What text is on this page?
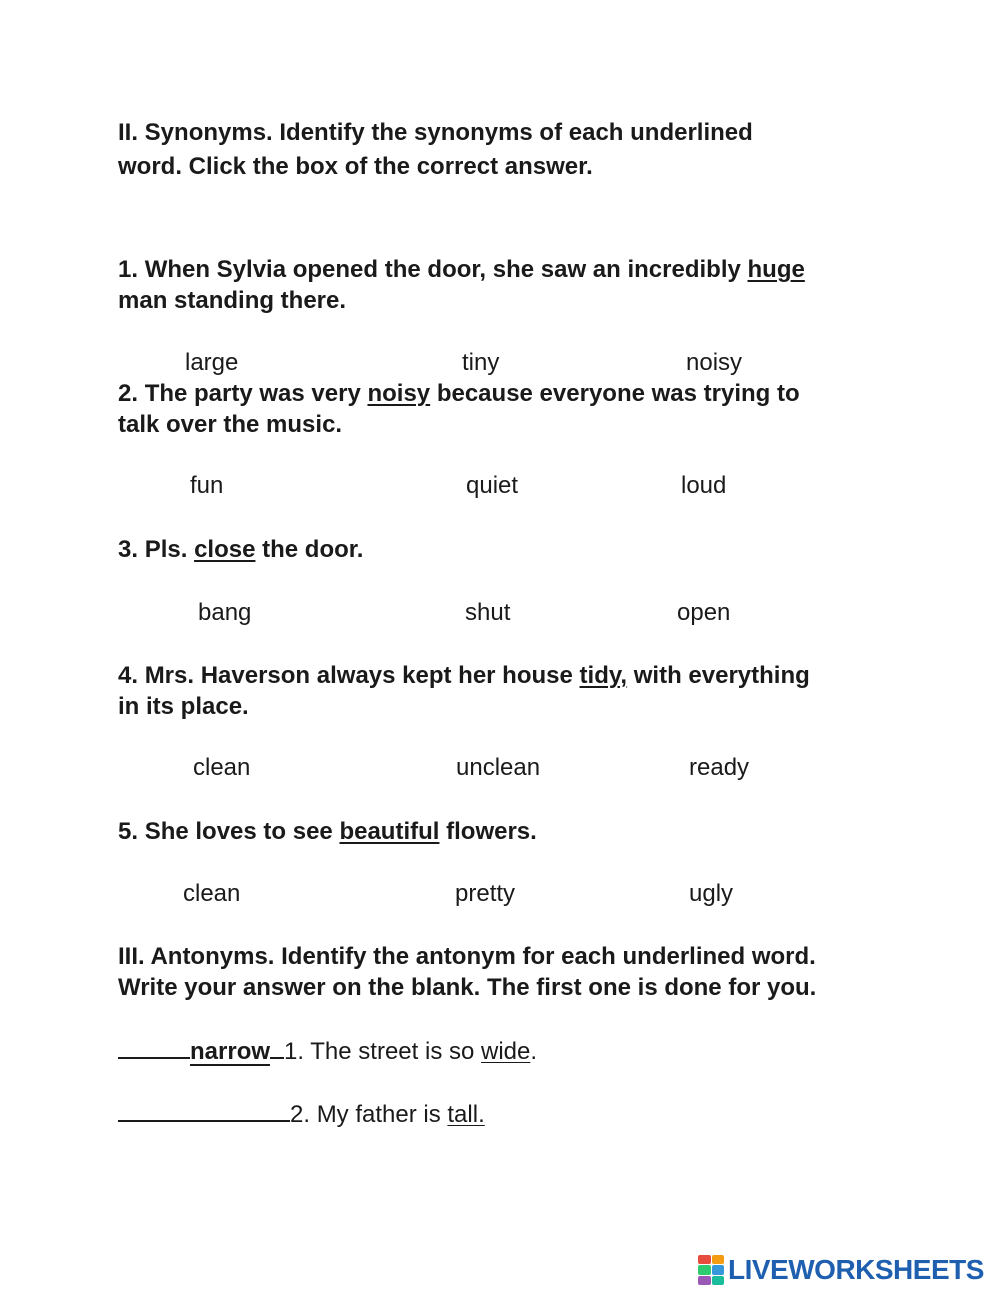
II. Synonyms. Identify the synonyms of each underlined
word. Click the box of the correct answer.
1. When Sylvia opened the door, she saw an incredibly huge
man standing there.
large	tiny	noisy
2. The party was very noisy because everyone was trying to
talk over the music.
fun	quiet	loud
3. Pls. close the door.
bang	shut	open
4. Mrs. Haverson always kept her house tidy, with everything
in its place.
clean	unclean	ready
5. She loves to see beautiful flowers.
clean	pretty	ugly
III. Antonyms. Identify the antonym for each underlined word.
Write your answer on the blank. The first one is done for you.
narrow 1. The street is so wide.
2. My father is tall.
LIVEWORKSHEETS
